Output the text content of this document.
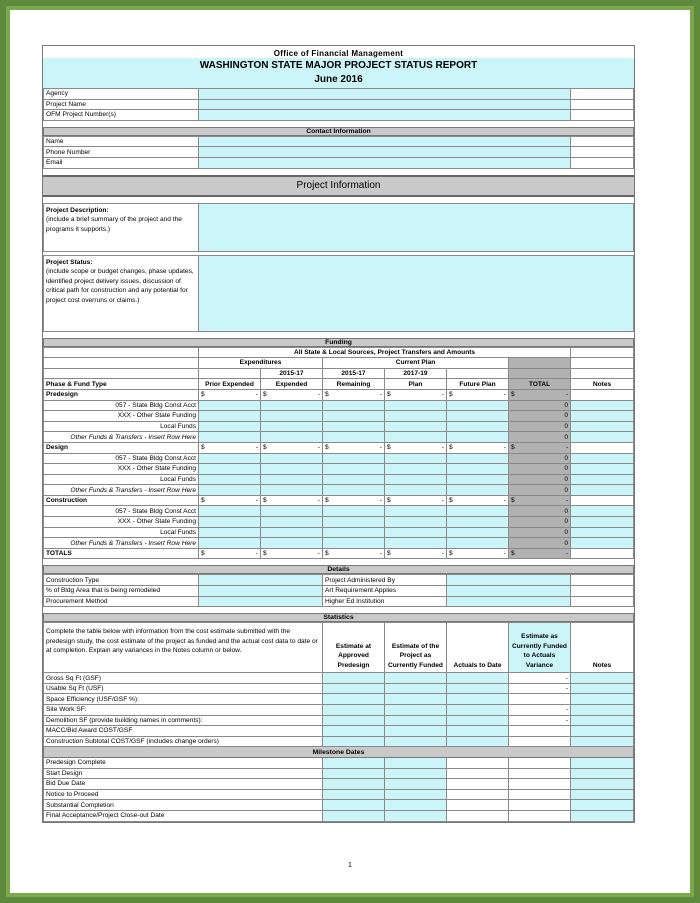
Office of Financial Management
WASHINGTON STATE MAJOR PROJECT STATUS REPORT
June 2016
Agency		
Project Name		
OFM Project Number(s)		
Contact Information
Name		
Phone Number		
Email		
Project Information
Project Description:
(include a brief summary of the project and the programs it supports.)	

Project Status:
(include scope or budget changes, phase updates, identified project delivery issues, discussion of critical path for construction and any potential for project cost overruns or claims.)	

Funding
	All State & Local Sources, Project Transfers and Amounts						
	Expenditures		Current Plan				
		2015-17	2015-17	2017-19			
Phase & Fund Type	Prior Expended	Expended	Remaining	Plan	Future Plan	TOTAL	Notes
Predesign	$ -	$ -	$ -	$ -	$ -	$ -	

057 - State Bldg Const Acct						0	
XXX - Other State Funding						0	
Local Funds						0	
Other Funds & Transfers - Insert Row Here						0	
Design	$ -	$ -	$ -	$ -	$ -	$ -	

057 - State Bldg Const Acct						0	
XXX - Other State Funding						0	
Local Funds						0	
Other Funds & Transfers - Insert Row Here						0	
Construction	$ -	$ -	$ -	$ -	$ -	$ -	

057 - State Bldg Const Acct						0	
XXX - Other State Funding						0	
Local Funds						0	
Other Funds & Transfers - Insert Row Here						0	
TOTALS	$ -	$ -	$ -	$ -	$ -	$ -	

Details
Construction Type		Project Administered By		
% of Bldg Area that is being remodeled		Art Requirement Applies		
Procurement Method		Higher Ed Institution		
Statistics
Complete the table below with information from the cost estimate submitted with the predesign study, the cost estimate of the project as funded and the actual cost data to date or at completion. Explain any variances in the Notes column or below.	Estimate at Approved Predesign	Estimate of the Project as Currently Funded	Actuals to Date	Estimate as Currently Funded to Actuals Variance	Notes
Gross Sq Ft (GSF)				-	
Usable Sq Ft (USF)				-	
Space Efficiency (USF/GSF %):					
Site Work SF:				-	
Demolition SF (provide building names in comments):				-	
MACC/Bid Award COST/GSF					
Construction Subtotal COST/GSF (includes change orders)					
Milestone Dates					
Predesign Complete					
Start Design					
Bid Due Date					
Notice to Proceed					
Substantial Completion					
Final Acceptance/Project Close-out Date					
1
